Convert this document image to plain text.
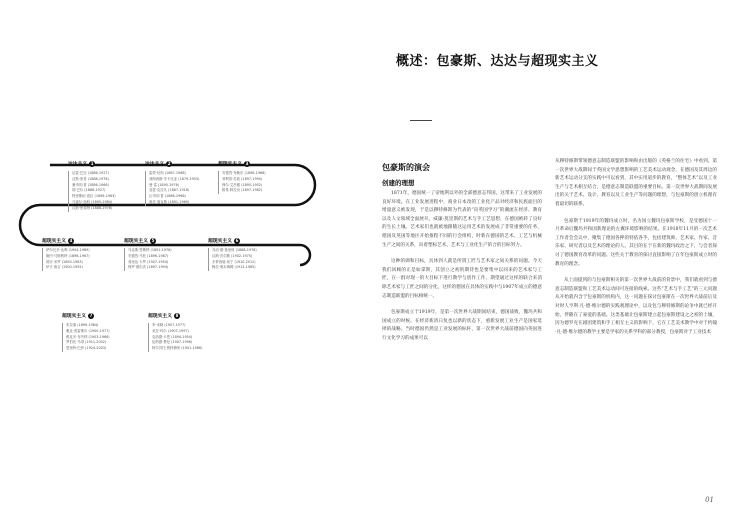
达达主义 1
达雷·巴拉 (1886-1927)
汉斯·里希 (1888-1976)
兼·阿尔普 (1886-1966)
胡·巴尔 (1886-1927)
特里斯坦·查拉 (1896-1963)
马塞尔·扬科 (1895-1984)
汉斯·里希特 (1888-1976)
达达主义 2
雷蒙·杜尚 (1887-1968)
弗朗西斯·毕卡比亚 (1879-1953)
曼·雷 (1890-1976)
亚瑟·克拉凡 (1887-1918)
让·阿尔普 (1886-1966)
奥托·迪克斯 (1891-1969)
超现实主义 3
安德烈·布勒东 (1896-1966)
菲利普·苏波 (1897-1990)
保尔·艾吕雅 (1895-1952)
路易·阿拉贡 (1897-1982)
超现实主义 4
萨尔瓦多·达利 (1904-1989)
勒内·马格利特 (1898-1967)
胡安·米罗 (1893-1983)
伊夫·唐吉 (1900-1955)
超现实主义 5
马克斯·恩斯特 (1891-1976)
安德烈·马松 (1896-1987)
弗里达·卡罗 (1907-1954)
保罗·德尔沃 (1897-1994)
超现实主义 6
乔治·德·基里科 (1888-1978)
汉斯·贝尔默 (1902-1975)
多萝西娅·坦宁 (1910-2012)
梅拉·奥本海姆 (1913-1985)
超现实主义 7
布拉塞 (1899-1984)
雅克·普雷维尔 (1900-1977)
维克多·布劳纳 (1903-1966)
罗伯托·马塔 (1911-2002)
恩里科·巴伊 (1924-2003)
超现实主义 8
李·米勒 (1907-1977)
朵拉·玛尔 (1907-1997)
克洛德·卡恩 (1894-1954)
伦纳德·费尼 (1907-1996)
阿尔贝托·贾科梅蒂 (1901-1966)
概述：包豪斯、达达与超现实主义
包豪斯的演会
创建的理想

1871年，德国统一了帝地利以外的全部德意志邦国，这带来了工业发展的良好环境。在工业发展进程中，商业日本改的工业化产品对经济和民族面目的增量意义被发现，于是以穆特修斯为代表的“向英国学习”的潮流在经济、教育以及人文领域全面展开。威廉·莫里斯的艺术与手工艺思想，在德国被转了良好的生长土壤。艺术家们也就被地跟随这运用艺术的发展成了非常重要的任务，德国及英国等地区开始推程不同的行会组织，时新在德国的艺术、工艺与机械生产之间的关系，向着塑标艺术、艺术与工业化生产的合的目标努力。

这种的调和目标，具体到人就是所谓工匠与艺术家之间关系的问题。今天我们回顾的正是如拿斯，其创立之初的期待也是要集中以同来的艺术家与工匠，在一群对现一的大目标下进行教学与创作工作。期望通过这样的联合来消除艺术家与工匠之间的分化，这样的德国在具体的实践中与1907年成立的德意志制造联盟的目标相统一。

包豪斯成立于1919年，是第一次世界大战期间结束，德国战败，魏玛共和国成立的时候。在经济新清日复也以新的状态下，重新发展工业生产是国家选择的战略。当时德国仍然是工业发展的标杆，第一次世界大战前德国向英国进行文化学习的成果可以

从穆特修斯带领德意志制造联盟的影响和由出版的《英格兰的住宅》中看到。第一次世界大战期间于英国文学思想影响的工艺美术运动观念，在德国及其周边的新艺术运动分支的实践中可以看到，其中实用道步的教育，“整体艺术”以及工业生产与艺术相互结合，是德意志制造联盟的重要目标。第一次世界大战期间发展出的关于艺术、设计、教育以及工业生产等问题的理想，与包豪斯的创立机理有着最切的联系。

包豪斯于1919年的魏玛成立时，名为国立魏玛包豪斯学校，是受德国十一月革命后魏玛共和国新理论的左翼环境影响的结果。在1918年11月的一次艺术工作者会会议中，聚集了德国各押的特依各乎，包括建筑师、艺术家、作家、音乐家、研究者以及艺术的理论的人。其目的在于在新的魏玛政治之下，与会者探讨了德国教育改革的问题。这些关于教育的探讨直接影响了在年包豪斯成立时的教育的理念。

从上面提到的与包豪斯相关的第一次世界大战前的背景中，我们就看到与德意志制造联盟和工艺美术运动间可连接的线索。这些“艺术与手工艺”的三元问题从开始就内含于包豪斯的机构内，这一问题在探讨包豪斯在一次世界大战前后及对时人亨利·凡·德·维尔德的实践观理论中，以及包与穆特修斯的论争中就已经开始，伴随在了豪爱的基础。这类基础让包豪斯建立起包豪斯建设之之初的土壤，因为德罗克在剧团建筑和手工相互主义的影响下，它在工艺美术教学中对于约翰·凡·德·维尔德的教学主要是学家的关系学科的部分教授，包豪斯对于工业技术

01
